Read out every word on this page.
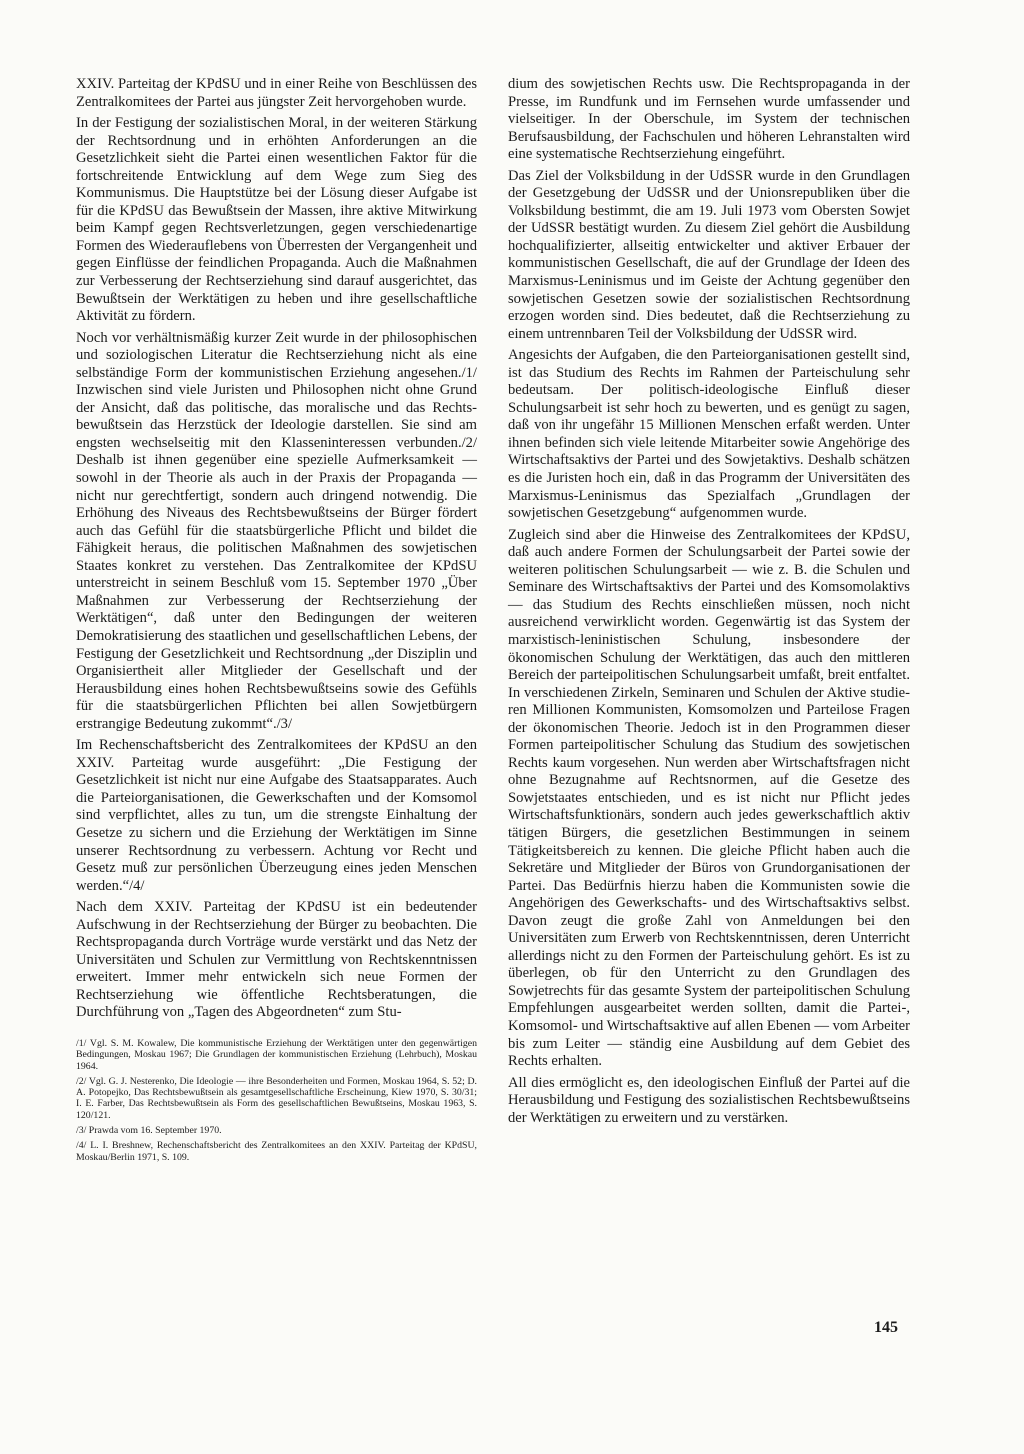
XXIV. Parteitag der KPdSU und in einer Reihe von Beschlüssen des Zentralkomitees der Partei aus jüngster Zeit hervorgehoben wurde.

In der Festigung der sozialistischen Moral, in der weiteren Stärkung der Rechtsordnung und in erhöhten Anforderungen an die Gesetzlichkeit sieht die Partei einen wesentlichen Faktor für die fortschreitende Entwicklung auf dem Wege zum Sieg des Kommunismus. Die Hauptstütze bei der Lösung dieser Aufgabe ist für die KPdSU das Bewußtsein der Massen, ihre aktive Mitwirkung beim Kampf gegen Rechtsverletzungen, gegen verschiedenartige Formen des Wiederauflebens von Überresten der Vergangenheit und gegen Einflüsse der feindlichen Propaganda. Auch die Maßnahmen zur Verbesserung der Rechtserziehung sind darauf ausgerichtet, das Bewußtsein der Werktätigen zu heben und ihre gesellschaftliche Aktivität zu fördern.

Noch vor verhältnismäßig kurzer Zeit wurde in der philosophischen und soziologischen Literatur die Rechtserziehung nicht als eine selbständige Form der kommunistischen Erziehung angesehen./1/ Inzwischen sind viele Juristen und Philosophen nicht ohne Grund der Ansicht, daß das politische, das moralische und das Rechtsbewußtsein das Herzstück der Ideologie darstellen. Sie sind am engsten wechselseitig mit den Klasseninteressen verbunden./2/ Deshalb ist ihnen gegenüber eine spezielle Aufmerksamkeit — sowohl in der Theorie als auch in der Praxis der Propaganda — nicht nur gerechtfertigt, sondern auch dringend notwendig. Die Erhöhung des Niveaus des Rechtsbewußtseins der Bürger fördert auch das Gefühl für die staatsbürgerliche Pflicht und bildet die Fähigkeit heraus, die politischen Maßnahmen des sowjetischen Staates konkret zu verstehen. Das Zentralkomitee der KPdSU unterstreicht in seinem Beschluß vom 15. September 1970 „Über Maßnahmen zur Verbesserung der Rechtserziehung der Werktätigen“, daß unter den Bedingungen der weiteren Demokratisierung des staatlichen und gesellschaftlichen Lebens, der Festigung der Gesetzlichkeit und Rechtsordnung „der Disziplin und Organisiertheit aller Mitglieder der Gesellschaft und der Herausbildung eines hohen Rechtsbewußtseins sowie des Gefühls für die staatsbürgerlichen Pflichten bei allen Sowjetbürgern erstrangige Bedeutung zukommt“./3/

Im Rechenschaftsbericht des Zentralkomitees der KPdSU an den XXIV. Parteitag wurde ausgeführt: „Die Festigung der Gesetzlichkeit ist nicht nur eine Aufgabe des Staatsapparates. Auch die Parteiorganisationen, die Gewerkschaften und der Komsomol sind verpflichtet, alles zu tun, um die strengste Einhaltung der Gesetze zu sichern und die Erziehung der Werktätigen im Sinne unserer Rechtsordnung zu verbessern. Achtung vor Recht und Gesetz muß zur persönlichen Überzeugung eines jeden Menschen werden.“/4/

Nach dem XXIV. Parteitag der KPdSU ist ein bedeutender Aufschwung in der Rechtserziehung der Bürger zu beobachten. Die Rechtspropaganda durch Vorträge wurde verstärkt und das Netz der Universitäten und Schulen zur Vermittlung von Rechtskenntnissen erweitert. Immer mehr entwickeln sich neue Formen der Rechtserziehung wie öffentliche Rechtsberatungen, die Durchführung von „Tagen des Abgeordneten“ zum Stu-

/1/ Vgl. S. M. Kowalew, Die kommunistische Erziehung der Werktätigen unter den gegenwärtigen Bedingungen, Moskau 1967; Die Grundlagen der kommunistischen Erziehung (Lehrbuch), Moskau 1964.

/2/ Vgl. G. J. Nesterenko, Die Ideologie — ihre Besonderheiten und Formen, Moskau 1964, S. 52; D. A. Potopejko, Das Rechtsbewußtsein als gesamtgesellschaftliche Erscheinung, Kiew 1970, S. 30/31; I. E. Farber, Das Rechtsbewußtsein als Form des gesellschaftlichen Bewußtseins, Moskau 1963, S. 120/121.

/3/ Prawda vom 16. September 1970.

/4/ L. I. Breshnew, Rechenschaftsbericht des Zentralkomitees an den XXIV. Parteitag der KPdSU, Moskau/Berlin 1971, S. 109.

dium des sowjetischen Rechts usw. Die Rechtspropaganda in der Presse, im Rundfunk und im Fernsehen wurde umfassender und vielseitiger. In der Oberschule, im System der technischen Berufsausbildung, der Fachschulen und höheren Lehranstalten wird eine systematische Rechtserziehung eingeführt.

Das Ziel der Volksbildung in der UdSSR wurde in den Grundlagen der Gesetzgebung der UdSSR und der Unionsrepubliken über die Volksbildung bestimmt, die am 19. Juli 1973 vom Obersten Sowjet der UdSSR bestätigt wurden. Zu diesem Ziel gehört die Ausbildung hochqualifizierter, allseitig entwickelter und aktiver Erbauer der kommunistischen Gesellschaft, die auf der Grundlage der Ideen des Marxismus-Leninismus und im Geiste der Achtung gegenüber den sowjetischen Gesetzen sowie der sozialistischen Rechtsordnung erzogen worden sind. Dies bedeutet, daß die Rechtserziehung zu einem untrennbaren Teil der Volksbildung der UdSSR wird.

Angesichts der Aufgaben, die den Parteiorganisationen gestellt sind, ist das Studium des Rechts im Rahmen der Parteischulung sehr bedeutsam. Der politisch-ideologische Einfluß dieser Schulungsarbeit ist sehr hoch zu bewerten, und es genügt zu sagen, daß von ihr ungefähr 15 Millionen Menschen erfaßt werden. Unter ihnen befinden sich viele leitende Mitarbeiter sowie Angehörige des Wirtschaftsaktivs der Partei und des Sowjetaktivs. Deshalb schätzen es die Juristen hoch ein, daß in das Programm der Universitäten des Marxismus-Leninismus das Spezialfach „Grundlagen der sowjetischen Gesetzgebung“ aufgenommen wurde.

Zugleich sind aber die Hinweise des Zentralkomitees der KPdSU, daß auch andere Formen der Schulungsarbeit der Partei sowie der weiteren politischen Schulungsarbeit — wie z. B. die Schulen und Seminare des Wirtschaftsaktivs der Partei und des Komsomolaktivs — das Studium des Rechts einschließen müssen, noch nicht ausreichend verwirklicht worden. Gegenwärtig ist das System der marxistisch-leninistischen Schulung, insbesondere der ökonomischen Schulung der Werktätigen, das auch den mittleren Bereich der parteipolitischen Schulungsarbeit umfaßt, breit entfaltet. In verschiedenen Zirkeln, Seminaren und Schulen der Aktive studieren Millionen Kommunisten, Komsomolzen und Parteilose Fragen der ökonomischen Theorie. Jedoch ist in den Programmen dieser Formen parteipolitischer Schulung das Studium des sowjetischen Rechts kaum vorgesehen. Nun werden aber Wirtschaftsfragen nicht ohne Bezugnahme auf Rechtsnormen, auf die Gesetze des Sowjetstaates entschieden, und es ist nicht nur Pflicht jedes Wirtschaftsfunktionärs, sondern auch jedes gewerkschaftlich aktiv tätigen Bürgers, die gesetzlichen Bestimmungen in seinem Tätigkeitsbereich zu kennen. Die gleiche Pflicht haben auch die Sekretäre und Mitglieder der Büros von Grundorganisationen der Partei. Das Bedürfnis hierzu haben die Kommunisten sowie die Angehörigen des Gewerkschafts- und des Wirtschaftsaktivs selbst. Davon zeugt die große Zahl von Anmeldungen bei den Universitäten zum Erwerb von Rechtskenntnissen, deren Unterricht allerdings nicht zu den Formen der Parteischulung gehört. Es ist zu überlegen, ob für den Unterricht zu den Grundlagen des Sowjetrechts für das gesamte System der parteipolitischen Schulung Empfehlungen ausgearbeitet werden sollten, damit die Partei-, Komsomol- und Wirtschaftsaktive auf allen Ebenen — vom Arbeiter bis zum Leiter — ständig eine Ausbildung auf dem Gebiet des Rechts erhalten.

All dies ermöglicht es, den ideologischen Einfluß der Partei auf die Herausbildung und Festigung des sozialistischen Rechtsbewußtseins der Werktätigen zu erweitern und zu verstärken.

145
